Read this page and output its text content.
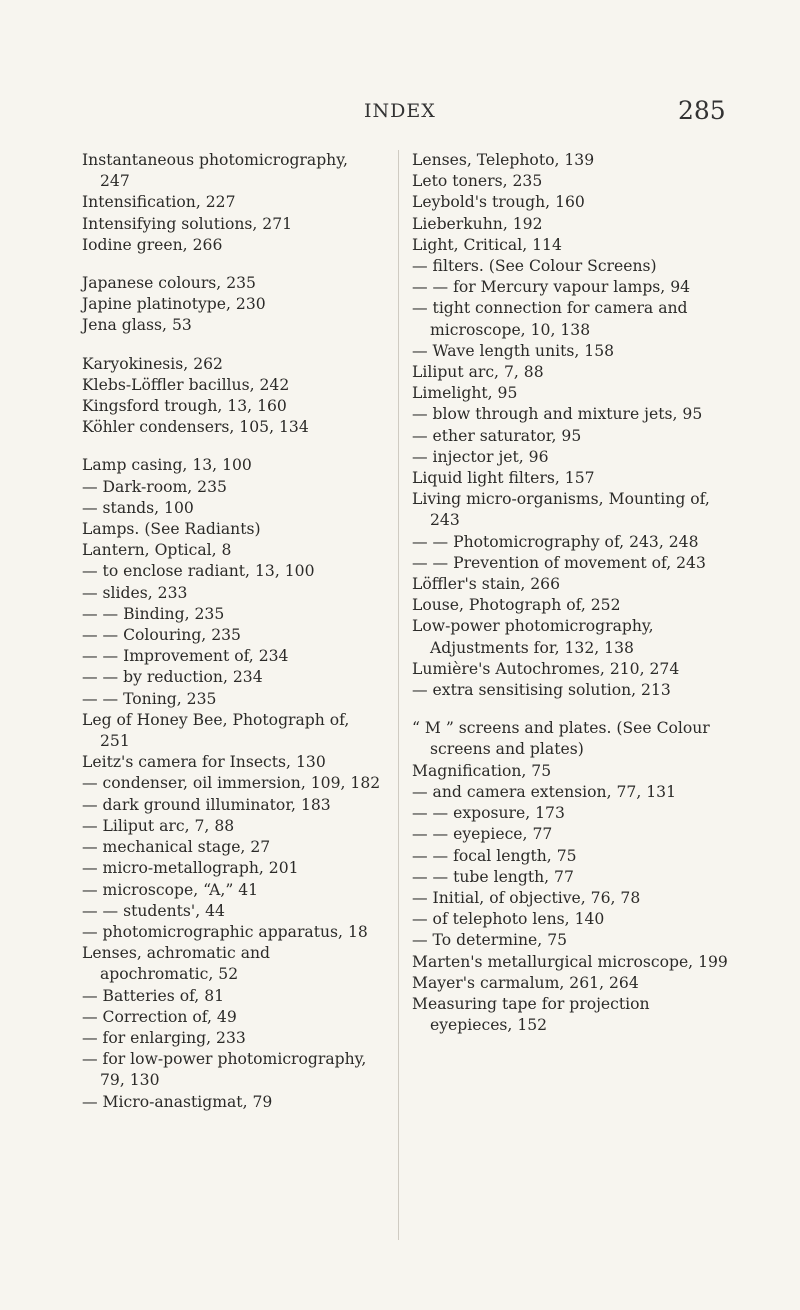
INDEX	285
Instantaneous photomicrography, 247
Intensification, 227
Intensifying solutions, 271
Iodine green, 266
Japanese colours, 235
Japine platinotype, 230
Jena glass, 53
Karyokinesis, 262
Klebs-Löffler bacillus, 242
Kingsford trough, 13, 160
Köhler condensers, 105, 134
Lamp casing, 13, 100
— Dark-room, 235
— stands, 100
Lamps. (See Radiants)
Lantern, Optical, 8
— to enclose radiant, 13, 100
— slides, 233
— — Binding, 235
— — Colouring, 235
— — Improvement of, 234
— — by reduction, 234
— — Toning, 235
Leg of Honey Bee, Photograph of, 251
Leitz's camera for Insects, 130
— condenser, oil immersion, 109, 182
— dark ground illuminator, 183
— Liliput arc, 7, 88
— mechanical stage, 27
— micro-metallograph, 201
— microscope, “A,” 41
— — students', 44
— photomicrographic apparatus, 18
Lenses, achromatic and apochromatic, 52
— Batteries of, 81
— Correction of, 49
— for enlarging, 233
— for low-power photomicrography, 79, 130
— Micro-anastigmat, 79
Lenses, Telephoto, 139
Leto toners, 235
Leybold's trough, 160
Lieberkuhn, 192
Light, Critical, 114
— filters. (See Colour Screens)
— — for Mercury vapour lamps, 94
— tight connection for camera and microscope, 10, 138
— Wave length units, 158
Liliput arc, 7, 88
Limelight, 95
— blow through and mixture jets, 95
— ether saturator, 95
— injector jet, 96
Liquid light filters, 157
Living micro-organisms, Mounting of, 243
— — Photomicrography of, 243, 248
— — Prevention of movement of, 243
Löffler's stain, 266
Louse, Photograph of, 252
Low-power photomicrography, Adjustments for, 132, 138
Lumière's Autochromes, 210, 274
— extra sensitising solution, 213
“ M ” screens and plates. (See Colour screens and plates)
Magnification, 75
— and camera extension, 77, 131
— — exposure, 173
— — eyepiece, 77
— — focal length, 75
— — tube length, 77
— Initial, of objective, 76, 78
— of telephoto lens, 140
— To determine, 75
Marten's metallurgical microscope, 199
Mayer's carmalum, 261, 264
Measuring tape for projection eyepieces, 152
